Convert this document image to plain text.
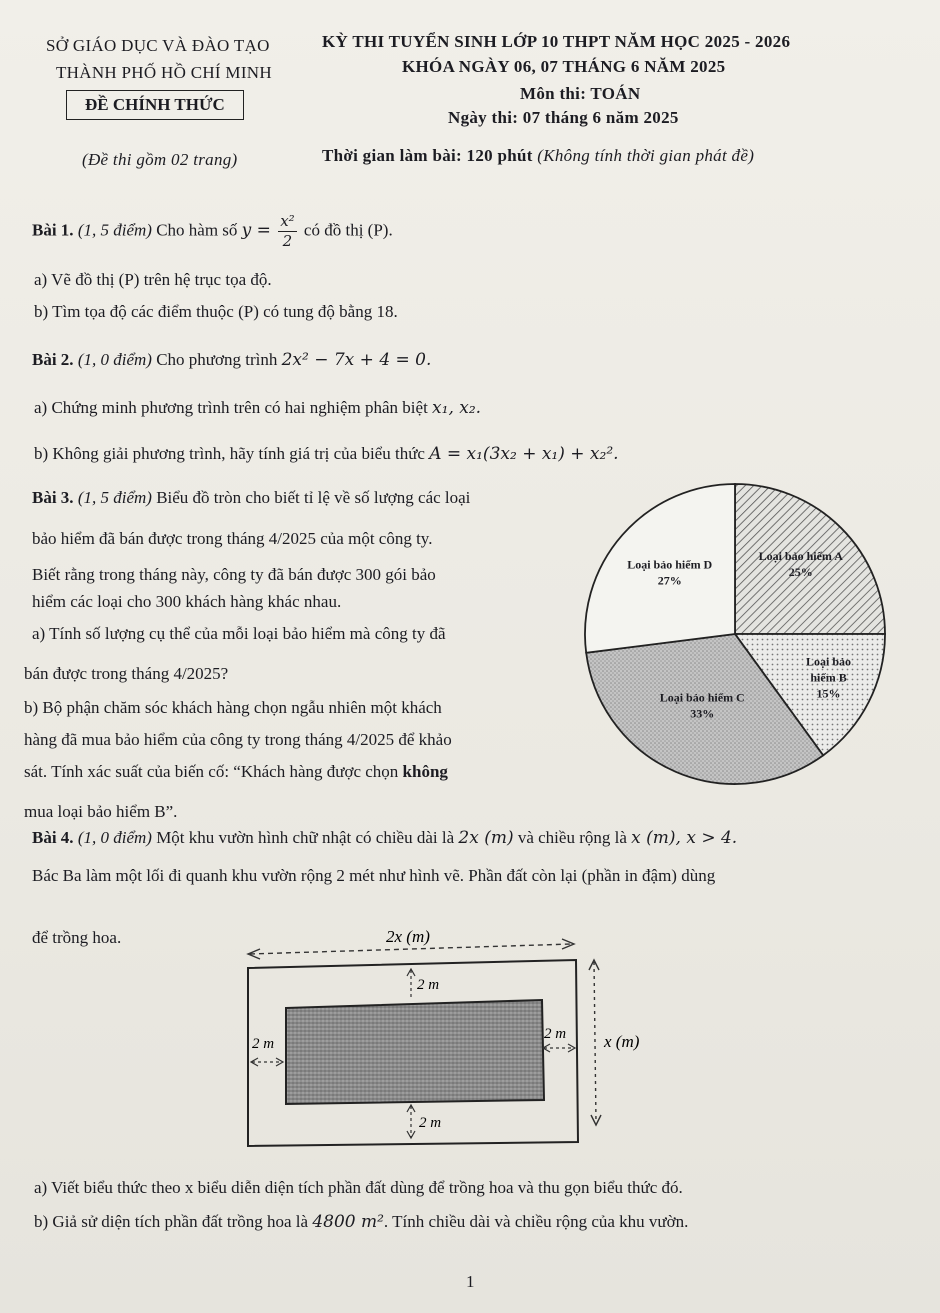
SỞ GIÁO DỤC VÀ ĐÀO TẠO
THÀNH PHỐ HỒ CHÍ MINH
ĐỀ CHÍNH THỨC
KỲ THI TUYỂN SINH LỚP 10 THPT NĂM HỌC 2025 - 2026
KHÓA NGÀY 06, 07 THÁNG 6 NĂM 2025
Môn thi: TOÁN
Ngày thi: 07 tháng 6 năm 2025
(Đề thi gồm 02 trang)	Thời gian làm bài: 120 phút (Không tính thời gian phát đề)
Bài 1. (1, 5 điểm) Cho hàm số $y = \frac{\text{x²}}{2}$ có đồ thị (P).
a) Vẽ đồ thị (P) trên hệ trục tọa độ.
b) Tìm tọa độ các điểm thuộc (P) có tung độ bằng 18.
Bài 2. (1, 0 điểm) Cho phương trình 2x² − 7x + 4 = 0.
a) Chứng minh phương trình trên có hai nghiệm phân biệt x₁, x₂.
b) Không giải phương trình, hãy tính giá trị của biểu thức A = x₁(3x₂ + x₁) + x₂².
Bài 3. (1, 5 điểm) Biểu đồ tròn cho biết tỉ lệ về số lượng các loại
bảo hiểm đã bán được trong tháng 4/2025 của một công ty.
Biết rằng trong tháng này, công ty đã bán được 300 gói bảo
hiểm các loại cho 300 khách hàng khác nhau.
a) Tính số lượng cụ thể của mỗi loại bảo hiểm mà công ty đã
bán được trong tháng 4/2025?
b) Bộ phận chăm sóc khách hàng chọn ngẫu nhiên một khách
hàng đã mua bảo hiểm của công ty trong tháng 4/2025 để khảo
sát. Tính xác suất của biến cố: “Khách hàng được chọn không
mua loại bảo hiểm B”.
Loại bảo hiểm A
25%
Loại bảo
hiểm B
15%
Loại bảo hiểm C
33%
Loại bảo hiểm D
27%
Bài 4. (1, 0 điểm) Một khu vườn hình chữ nhật có chiều dài là 2x (m) và chiều rộng là x (m), x > 4.
Bác Ba làm một lối đi quanh khu vườn rộng 2 mét như hình vẽ. Phần đất còn lại (phần in đậm) dùng
để trồng hoa.	2x (m)
x (m)
2 m
2 m
2 m
2 m
a) Viết biểu thức theo x biểu diễn diện tích phần đất dùng để trồng hoa và thu gọn biểu thức đó.
b) Giả sử diện tích phần đất trồng hoa là 4800 m². Tính chiều dài và chiều rộng của khu vườn.
1
